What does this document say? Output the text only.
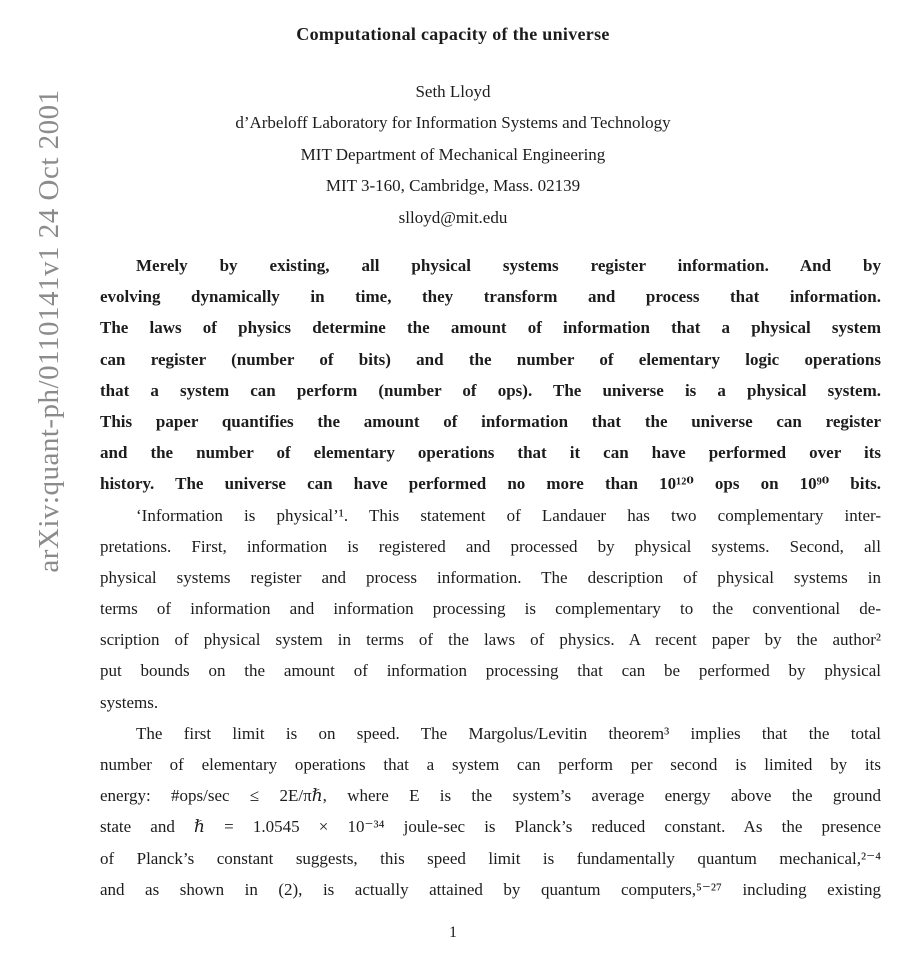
arXiv:quant-ph/0110141v1 24 Oct 2001
Computational capacity of the universe
Seth Lloyd
d’Arbeloff Laboratory for Information Systems and Technology
MIT Department of Mechanical Engineering
MIT 3-160, Cambridge, Mass. 02139
slloyd@mit.edu
Merely by existing, all physical systems register information. And by
evolving dynamically in time, they transform and process that information.
The laws of physics determine the amount of information that a physical system
can register (number of bits) and the number of elementary logic operations
that a system can perform (number of ops). The universe is a physical system.
This paper quantifies the amount of information that the universe can register
and the number of elementary operations that it can have performed over its
history. The universe can have performed no more than 10¹²⁰ ops on 10⁹⁰ bits.
‘Information is physical’¹. This statement of Landauer has two complementary inter-
pretations. First, information is registered and processed by physical systems. Second, all
physical systems register and process information. The description of physical systems in
terms of information and information processing is complementary to the conventional de-
scription of physical system in terms of the laws of physics. A recent paper by the author²
put bounds on the amount of information processing that can be performed by physical
systems.
The first limit is on speed. The Margolus/Levitin theorem³ implies that the total
number of elementary operations that a system can perform per second is limited by its
energy: #ops/sec ≤ 2E/πℏ, where E is the system’s average energy above the ground
state and ℏ = 1.0545 × 10⁻³⁴ joule-sec is Planck’s reduced constant. As the presence
of Planck’s constant suggests, this speed limit is fundamentally quantum mechanical,²⁻⁴
and as shown in (2), is actually attained by quantum computers,⁵⁻²⁷ including existing
1
